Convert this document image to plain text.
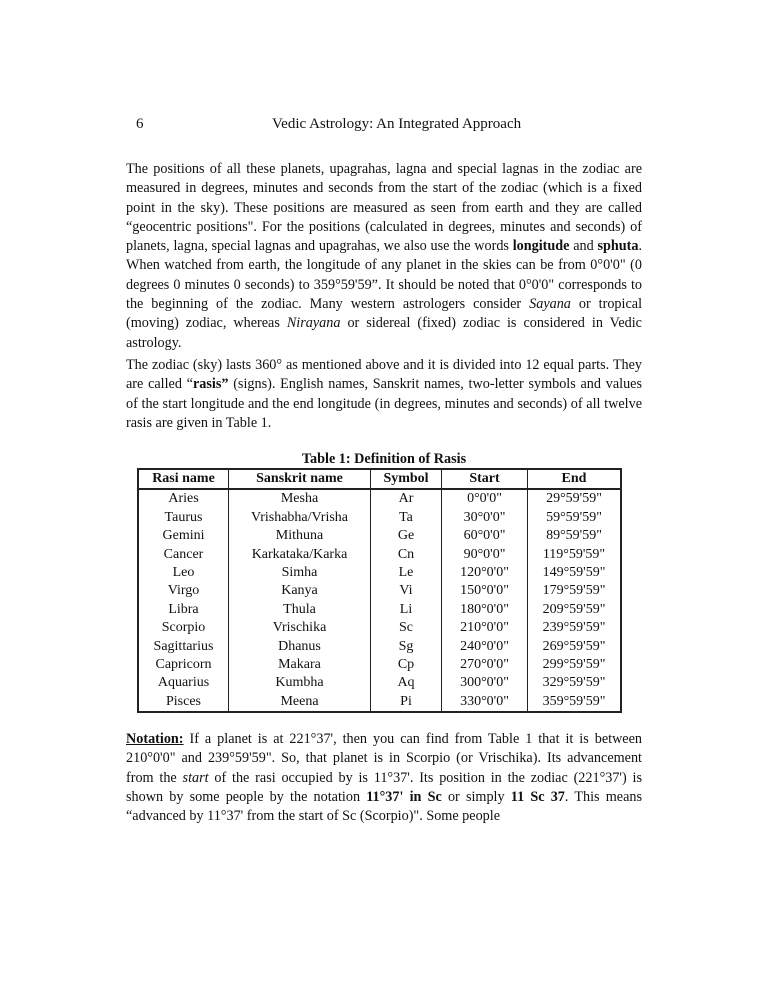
6	Vedic Astrology: An Integrated Approach

The positions of all these planets, upagrahas, lagna and special lagnas in the zodiac are measured in degrees, minutes and seconds from the start of the zodiac (which is a fixed point in the sky). These positions are measured as seen from earth and they are called “geocentric positions". For the positions (calculated in degrees, minutes and seconds) of planets, lagna, special lagnas and upagrahas, we also use the words longitude and sphuta. When watched from earth, the longitude of any planet in the skies can be from 0°0'0" (0 degrees 0 minutes 0 seconds) to 359°59'59”. It should be noted that 0°0'0" corresponds to the beginning of the zodiac. Many western astrologers consider Sayana or tropical (moving) zodiac, whereas Nirayana or sidereal (fixed) zodiac is considered in Vedic astrology.

The zodiac (sky) lasts 360° as mentioned above and it is divided into 12 equal parts. They are called “rasis” (signs). English names, Sanskrit names, two-letter symbols and values of the start longitude and the end longitude (in degrees, minutes and seconds) of all twelve rasis are given in Table 1.

Table 1: Definition of Rasis
Rasi name	Sanskrit name	Symbol	Start	End
Aries	Mesha	Ar	0°0'0"	29°59'59"
Taurus	Vrishabha/Vrisha	Ta	30°0'0"	59°59'59"
Gemini	Mithuna	Ge	60°0'0"	89°59'59"
Cancer	Karkataka/Karka	Cn	90°0'0"	119°59'59"
Leo	Simha	Le	120°0'0"	149°59'59"
Virgo	Kanya	Vi	150°0'0"	179°59'59"
Libra	Thula	Li	180°0'0"	209°59'59"
Scorpio	Vrischika	Sc	210°0'0"	239°59'59"
Sagittarius	Dhanus	Sg	240°0'0"	269°59'59"
Capricorn	Makara	Cp	270°0'0"	299°59'59"
Aquarius	Kumbha	Aq	300°0'0"	329°59'59"
Pisces	Meena	Pi	330°0'0"	359°59'59"

Notation: If a planet is at 221°37', then you can find from Table 1 that it is between 210°0'0" and 239°59'59". So, that planet is in Scorpio (or Vrischika). Its advancement from the start of the rasi occupied by is 11°37'. Its position in the zodiac (221°37') is shown by some people by the notation 11°37' in Sc or simply 11 Sc 37. This means “advanced by 11°37' from the start of Sc (Scorpio)". Some people
